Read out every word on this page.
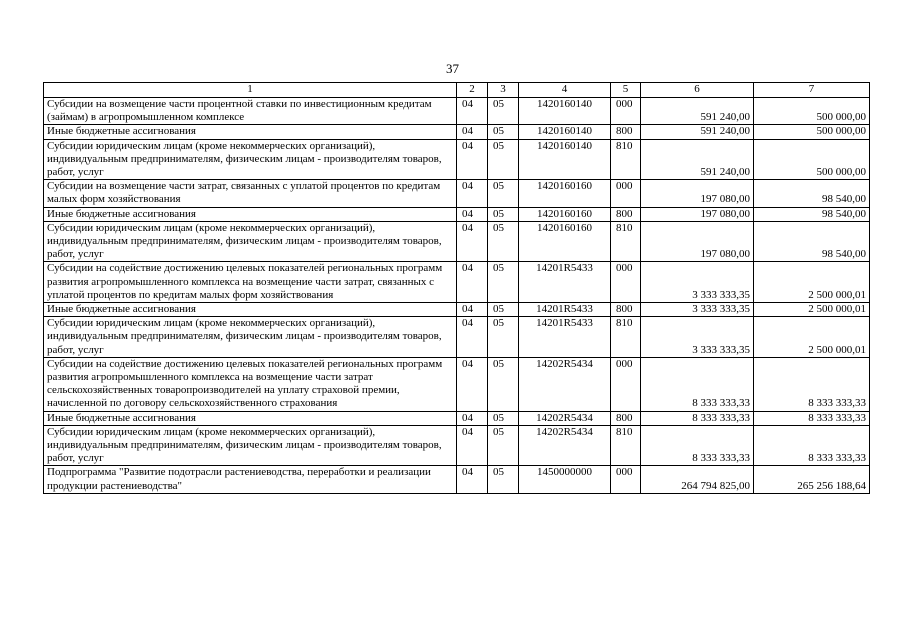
37
1	2	3	4	5	6	7
Субсидии на возмещение части процентной ставки по инвестиционным кредитам (займам) в агропромышленном комплексе	04	05	1420160140	000	591 240,00	500 000,00
Иные бюджетные ассигнования	04	05	1420160140	800	591 240,00	500 000,00
Субсидии юридическим лицам (кроме некоммерческих организаций), индивидуальным предпринимателям, физическим лицам - производителям товаров, работ, услуг	04	05	1420160140	810	591 240,00	500 000,00
Субсидии на возмещение части затрат, связанных с уплатой процентов по кредитам малых форм хозяйствования	04	05	1420160160	000	197 080,00	98 540,00
Иные бюджетные ассигнования	04	05	1420160160	800	197 080,00	98 540,00
Субсидии юридическим лицам (кроме некоммерческих организаций), индивидуальным предпринимателям, физическим лицам - производителям товаров, работ, услуг	04	05	1420160160	810	197 080,00	98 540,00
Субсидии на содействие достижению целевых показателей региональных программ развития агропромышленного комплекса на возмещение части затрат, связанных с уплатой процентов по кредитам малых форм хозяйствования	04	05	14201R5433	000	3 333 333,35	2 500 000,01
Иные бюджетные ассигнования	04	05	14201R5433	800	3 333 333,35	2 500 000,01
Субсидии юридическим лицам (кроме некоммерческих организаций), индивидуальным предпринимателям, физическим лицам - производителям товаров, работ, услуг	04	05	14201R5433	810	3 333 333,35	2 500 000,01
Субсидии на содействие достижению целевых показателей региональных программ развития агропромышленного комплекса на возмещение части затрат сельскохозяйственных товаропроизводителей на уплату страховой премии, начисленной по договору сельскохозяйственного страхования	04	05	14202R5434	000	8 333 333,33	8 333 333,33
Иные бюджетные ассигнования	04	05	14202R5434	800	8 333 333,33	8 333 333,33
Субсидии юридическим лицам (кроме некоммерческих организаций), индивидуальным предпринимателям, физическим лицам - производителям товаров, работ, услуг	04	05	14202R5434	810	8 333 333,33	8 333 333,33
Подпрограмма "Развитие подотрасли растениеводства, переработки и реализации продукции растениеводства"	04	05	1450000000	000	264 794 825,00	265 256 188,64
